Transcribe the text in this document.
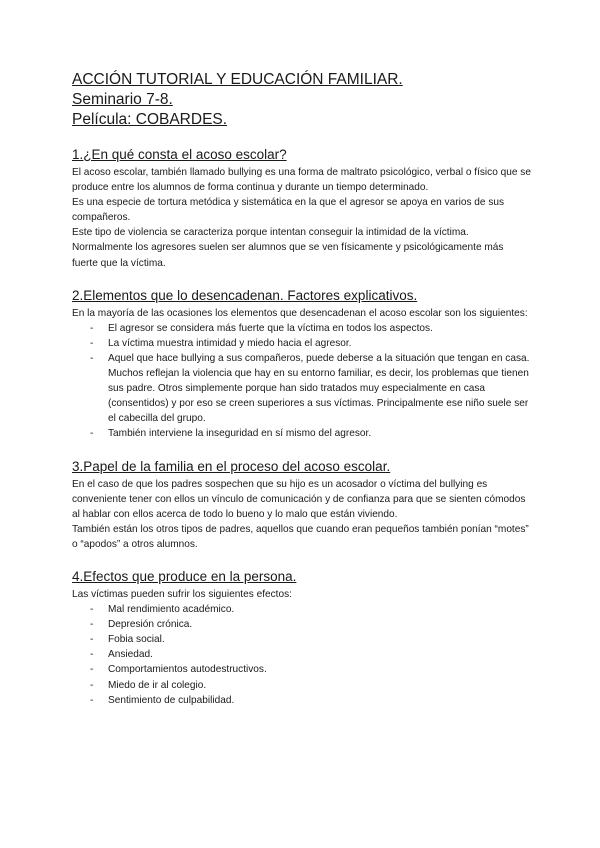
ACCIÓN TUTORIAL Y EDUCACIÓN FAMILIAR.

Seminario 7-8.

Película: COBARDES.

1.¿En qué consta el acoso escolar?

El acoso escolar, también llamado bullying es una forma de maltrato psicológico, verbal o físico que se produce entre los alumnos de forma continua y durante un tiempo determinado.

Es una especie de tortura metódica y sistemática en la que el agresor se apoya en varios de sus compañeros.

Este tipo de violencia se caracteriza porque intentan conseguir la intimidad de la víctima. Normalmente los agresores suelen ser alumnos que se ven físicamente y psicológicamente más fuerte que la víctima.

2.Elementos que lo desencadenan. Factores explicativos.

En la mayoría de las ocasiones los elementos que desencadenan el acoso escolar son los siguientes:

- El agresor se considera más fuerte que la víctima en todos los aspectos.
- La víctima muestra intimidad y miedo hacia el agresor.
- Aquel que hace bullying a sus compañeros, puede deberse a la situación que tengan en casa. Muchos reflejan la violencia que hay en su entorno familiar, es decir, los problemas que tienen sus padre. Otros simplemente porque han sido tratados muy especialmente en casa (consentidos) y por eso se creen superiores a sus víctimas. Principalmente ese niño suele ser el cabecilla del grupo.
- También interviene la inseguridad en sí mismo del agresor.
3.Papel de la familia en el proceso del acoso escolar.

En el caso de que los padres sospechen que su hijo es un acosador o víctima del bullying es conveniente tener con ellos un vínculo de comunicación y de confianza para que se sienten cómodos al hablar con ellos acerca de todo lo bueno y lo malo que están viviendo.

También están los otros tipos de padres, aquellos que cuando eran pequeños también ponían “motes” o “apodos” a otros alumnos.

4.Efectos que produce en la persona.

Las víctimas pueden sufrir los siguientes efectos:

- Mal rendimiento académico.
- Depresión crónica.
- Fobia social.
- Ansiedad.
- Comportamientos autodestructivos.
- Miedo de ir al colegio.
- Sentimiento de culpabilidad.
